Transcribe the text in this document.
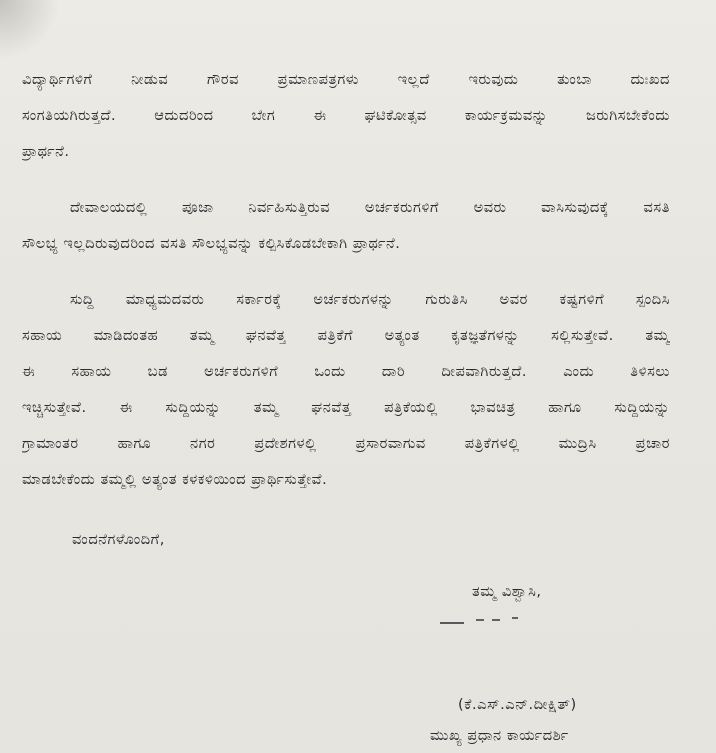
ವಿದ್ಯಾರ್ಥಿಗಳಿಗೆ ನೀಡುವ ಗೌರವ ಪ್ರಮಾಣಪತ್ರಗಳು ಇಲ್ಲದೆ ಇರುವುದು ತುಂಬಾ ದುಃಖದ
ಸಂಗತಿಯಗಿರುತ್ತದೆ. ಆದುದರಿಂದ ಬೇಗ ಈ ಘಟಿಕೋತ್ಸವ ಕಾರ್ಯಕ್ರಮವನ್ನು ಜರುಗಿಸಬೇಕೆಂದು
ಪ್ರಾರ್ಥನೆ.
ದೇವಾಲಯದಲ್ಲಿ ಪೂಜಾ ನಿರ್ವಹಿಸುತ್ತಿರುವ ಅರ್ಚಕರುಗಳಿಗೆ ಅವರು ವಾಸಿಸುವುದಕ್ಕೆ ವಸತಿ
ಸೌಲಭ್ಯ ಇಲ್ಲದಿರುವುದರಿಂದ ವಸತಿ ಸೌಲಭ್ಯವನ್ನು ಕಲ್ಪಿಸಿಕೊಡಬೇಕಾಗಿ ಪ್ರಾರ್ಥನೆ.
ಸುದ್ದಿ ಮಾಧ್ಯಮದವರು ಸರ್ಕಾರಕ್ಕೆ ಅರ್ಚಕರುಗಳನ್ನು ಗುರುತಿಸಿ ಅವರ ಕಷ್ಟಗಳಿಗೆ ಸ್ಪಂದಿಸಿ
ಸಹಾಯ ಮಾಡಿದಂತಹ ತಮ್ಮ ಘನವೆತ್ತ ಪತ್ರಿಕೆಗೆ ಅತ್ಯಂತ ಕೃತಜ್ಞತೆಗಳನ್ನು ಸಲ್ಲಿಸುತ್ತೇವೆ. ತಮ್ಮ
ಈ ಸಹಾಯ ಬಡ ಅರ್ಚಕರುಗಳಿಗೆ ಒಂದು ದಾರಿ ದೀಪವಾಗಿರುತ್ತದೆ. ಎಂದು ತಿಳಿಸಲು
ಇಚ್ಚಿಸುತ್ತೇವೆ. ಈ ಸುದ್ದಿಯನ್ನು ತಮ್ಮ ಘನವೆತ್ತ ಪತ್ರಿಕೆಯಲ್ಲಿ ಭಾವಚಿತ್ರ ಹಾಗೂ ಸುದ್ದಿಯನ್ನು
ಗ್ರಾಮಾಂತರ ಹಾಗೂ ನಗರ ಪ್ರದೇಶಗಳಲ್ಲಿ ಪ್ರಸಾರವಾಗುವ ಪತ್ರಿಕೆಗಳಲ್ಲಿ ಮುದ್ರಿಸಿ ಪ್ರಚಾರ
ಮಾಡಬೇಕೆಂದು ತಮ್ಮಲ್ಲಿ ಅತ್ಯಂತ ಕಳಕಳಿಯಿಂದ ಪ್ರಾರ್ಥಿಸುತ್ತೇವೆ.
ವಂದನೆಗಳೊಂದಿಗೆ,
ತಮ್ಮ ವಿಶ್ವಾಸಿ,
(ಕೆ.ಎಸ್.ಎನ್.ದೀಕ್ಷಿತ್)
ಮುಖ್ಯ ಪ್ರಧಾನ ಕಾರ್ಯದರ್ಶಿ
